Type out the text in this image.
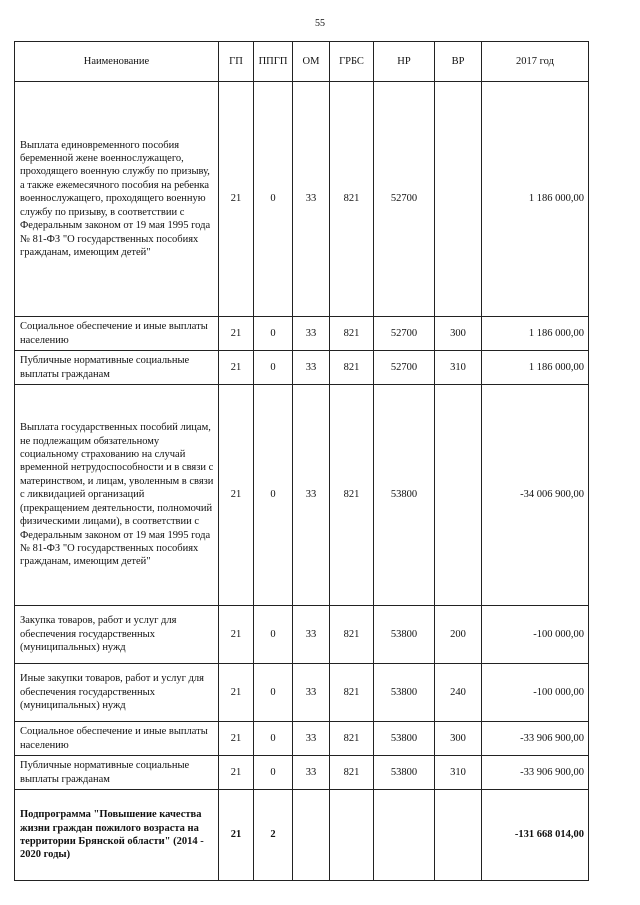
55
Наименование	ГП	ППГП	ОМ	ГРБС	НР	ВР	2017 год
Выплата единовременного пособия беременной жене военнослужащего, проходящего военную службу по призыву, а также ежемесячного пособия на ребенка военнослужащего, проходящего военную службу по призыву, в соответствии с Федеральным законом от 19 мая 1995 года № 81-ФЗ "О государственных пособиях гражданам, имеющим детей"	21	0	33	821	52700		1 186 000,00
Социальное обеспечение и иные выплаты населению	21	0	33	821	52700	300	1 186 000,00
Публичные нормативные социальные выплаты гражданам	21	0	33	821	52700	310	1 186 000,00
Выплата государственных пособий лицам, не подлежащим обязательному социальному страхованию на случай временной нетрудоспособности и в связи с материнством, и лицам, уволенным в связи с ликвидацией организаций (прекращением деятельности, полномочий физическими лицами), в соответствии с Федеральным законом от 19 мая 1995 года № 81-ФЗ "О государственных пособиях гражданам, имеющим детей"	21	0	33	821	53800		-34 006 900,00
Закупка товаров, работ и услуг для обеспечения государственных (муниципальных) нужд	21	0	33	821	53800	200	-100 000,00
Иные закупки товаров, работ и услуг для обеспечения государственных (муниципальных) нужд	21	0	33	821	53800	240	-100 000,00
Социальное обеспечение и иные выплаты населению	21	0	33	821	53800	300	-33 906 900,00
Публичные нормативные социальные выплаты гражданам	21	0	33	821	53800	310	-33 906 900,00
Подпрограмма "Повышение качества жизни граждан пожилого возраста на территории Брянской области" (2014 - 2020 годы)	21	2					-131 668 014,00
